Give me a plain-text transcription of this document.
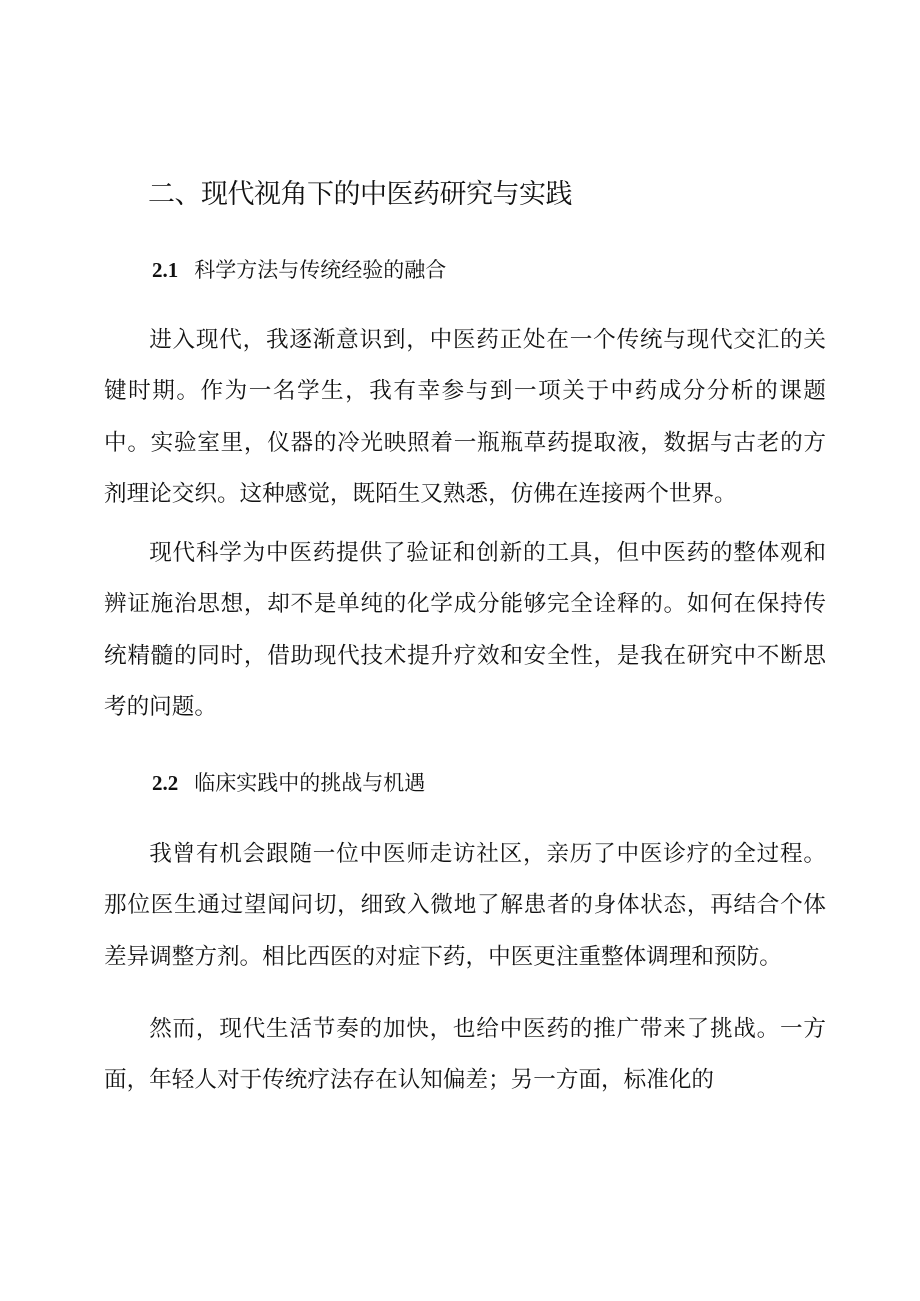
二、现代视角下的中医药研究与实践
2.1 科学方法与传统经验的融合

进入现代，我逐渐意识到，中医药正处在一个传统与现代交汇的关键时期。作为一名学生，我有幸参与到一项关于中药成分分析的课题中。实验室里，仪器的冷光映照着一瓶瓶草药提取液，数据与古老的方剂理论交织。这种感觉，既陌生又熟悉，仿佛在连接两个世界。

现代科学为中医药提供了验证和创新的工具，但中医药的整体观和辨证施治思想，却不是单纯的化学成分能够完全诠释的。如何在保持传统精髓的同时，借助现代技术提升疗效和安全性，是我在研究中不断思考的问题。

2.2 临床实践中的挑战与机遇

我曾有机会跟随一位中医师走访社区，亲历了中医诊疗的全过程。那位医生通过望闻问切，细致入微地了解患者的身体状态，再结合个体差异调整方剂。相比西医的对症下药，中医更注重整体调理和预防。

然而，现代生活节奏的加快，也给中医药的推广带来了挑战。一方面，年轻人对于传统疗法存在认知偏差；另一方面，标准化的
